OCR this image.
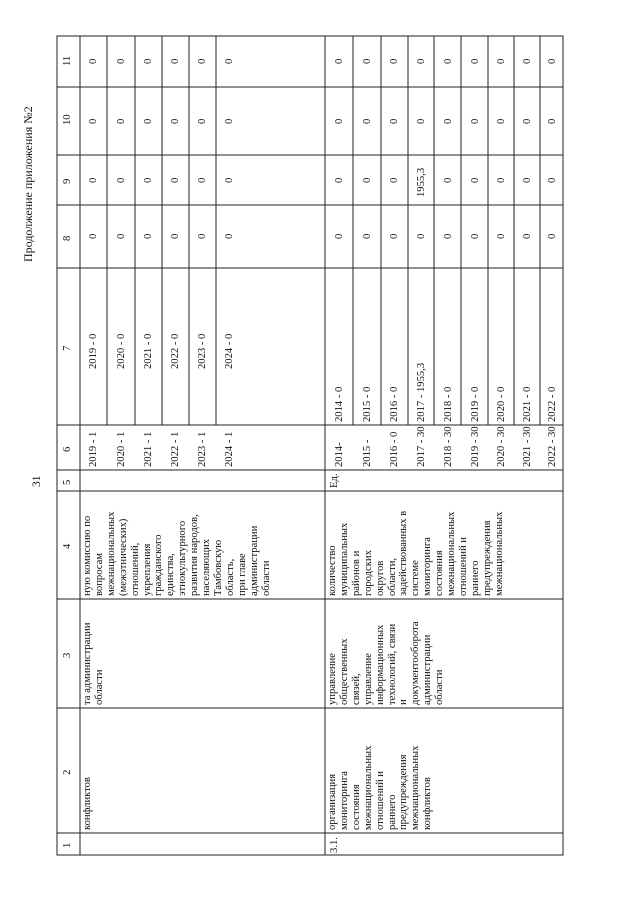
1
2
3
4
5
6
7
8
9
10
11
31
Продолжение приложения №2
конфликтов
та администрации области
ную комиссию по вопросам межнациональных (межэтнических) отношений, укрепления гражданского единства, этнокультурного развития народов, населяющих Тамбовскую область, при главе администрации области
2019 - 1 2020 - 1 2021 - 1 2022 - 1 2023 - 1 2024 - 1
2019 - 0 2020 - 0 2021 - 0 2022 - 0 2023 - 0 2024 - 0
0 0 0 0 0 0
0 0 0 0 0 0
0 0 0 0 0 0
0 0 0 0 0 0
3.1.
организация мониторинга состояния межнациональных отношений и раннего предупреждения межнациональных конфликтов
управление общественных связей, управление информационных технологий, связи и документооборота администрации области
количество муниципальных районов и городских округов области, задействованных в системе мониторинга состояния межнациональных отношений и раннего предупреждения межнациональных
Ед.
2014- 2015 - 2016 - 0 2017 - 30 2018 - 30 2019 - 30 2020 - 30 2021 - 30 2022 - 30
2014 - 0 2015 - 0 2016 - 0 2017 - 1955,3 2018 - 0 2019 - 0 2020 - 0 2021 - 0 2022 - 0
0 0 0 0 0 0 0 0 0
0 0 0 1955,3 0 0 0 0 0
0 0 0 0 0 0 0 0 0
0 0 0 0 0 0 0 0 0
